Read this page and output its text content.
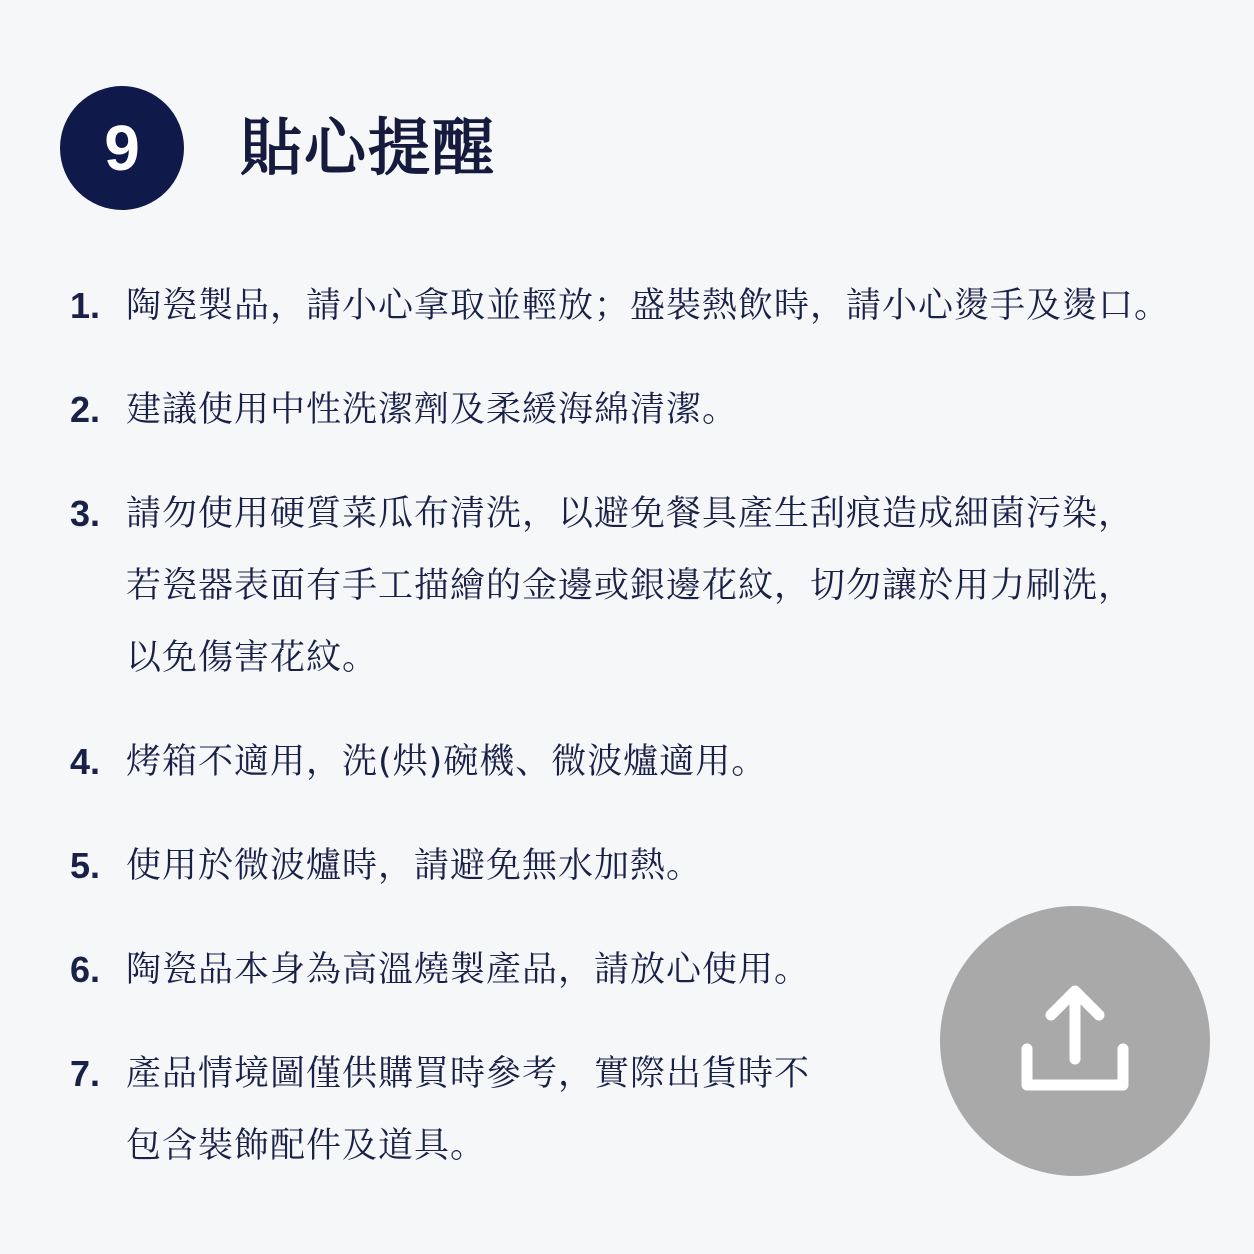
9	貼心提醒
1. 陶瓷製品，請小心拿取並輕放；盛裝熱飲時，請小心燙手及燙口。
2. 建議使用中性洗潔劑及柔緩海綿清潔。
3. 請勿使用硬質菜瓜布清洗，以避免餐具產生刮痕造成細菌污染，
若瓷器表面有手工描繪的金邊或銀邊花紋，切勿讓於用力刷洗，
以免傷害花紋。
4. 烤箱不適用，洗(烘)碗機、微波爐適用。
5. 使用於微波爐時，請避免無水加熱。
6. 陶瓷品本身為高溫燒製產品，請放心使用。
7. 產品情境圖僅供購買時參考，實際出貨時不
包含裝飾配件及道具。
